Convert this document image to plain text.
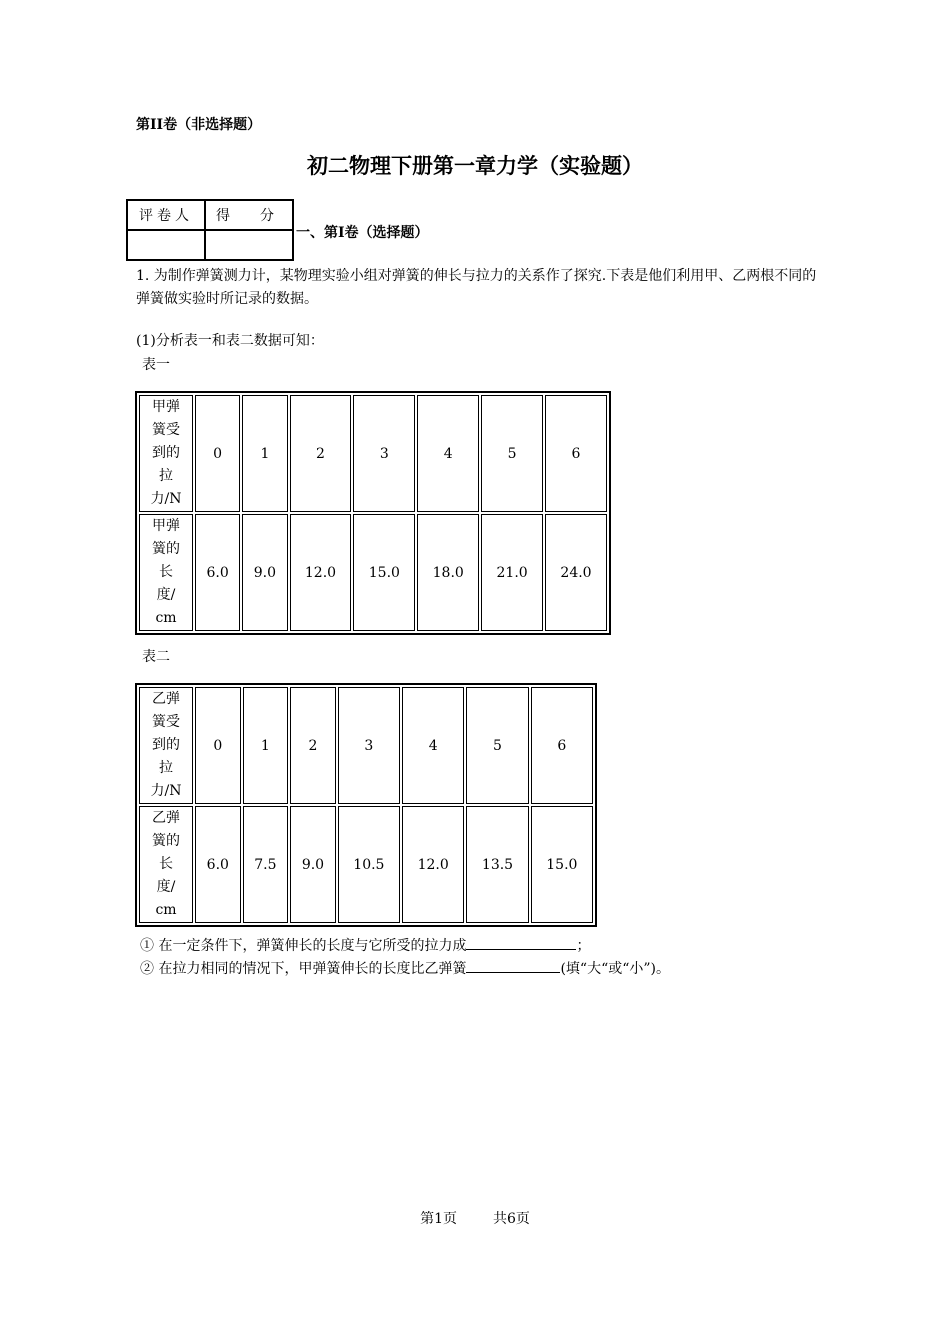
第II卷（非选择题）
初二物理下册第一章力学（实验题）
评卷人	得 分

一、第I卷（选择题）
1. 为制作弹簧测力计，某物理实验小组对弹簧的伸长与拉力的关系作了探究.下表是他们利用甲、乙两根不同的弹簧做实验时所记录的数据。
(1)分析表一和表二数据可知：
表一
甲弹
簧受
到的
拉
力/N	0	1	2	3	4	5	6

甲弹
簧的
长
度/
cm	6.0	9.0	12.0	15.0	18.0	21.0	24.0
表二
乙弹
簧受
到的
拉
力/N	0	1	2	3	4	5	6

乙弹
簧的
长
度/
cm	6.0	7.5	9.0	10.5	12.0	13.5	15.0
① 在一定条件下，弹簧伸长的长度与它所受的拉力成	；
② 在拉力相同的情况下，甲弹簧伸长的长度比乙弹簧	(填“大“或“小”)。
第1页	共6页
